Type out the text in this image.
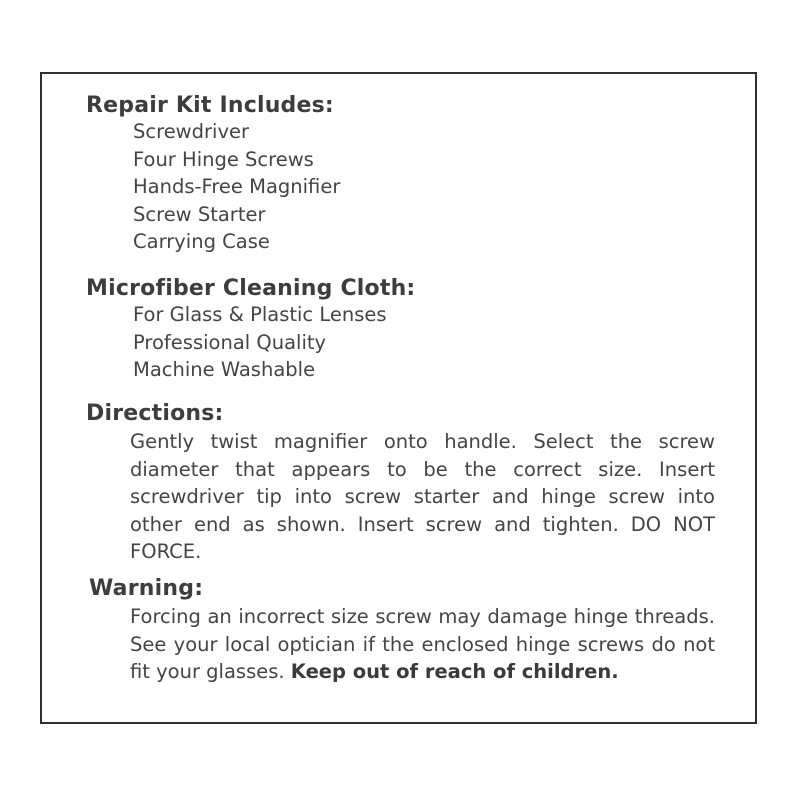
Repair Kit Includes:
Screwdriver
Four Hinge Screws
Hands-Free Magnifier
Screw Starter
Carrying Case
Microfiber Cleaning Cloth:
For Glass & Plastic Lenses
Professional Quality
Machine Washable
Directions:

Gently twist magnifier onto handle. Select the screw diameter that appears to be the correct size. Insert screwdriver tip into screw starter and hinge screw into other end as shown. Insert screw and tighten. DO NOT FORCE.

Warning:

Forcing an incorrect size screw may damage hinge threads. See your local optician if the enclosed hinge screws do not fit your glasses. Keep out of reach of children.
